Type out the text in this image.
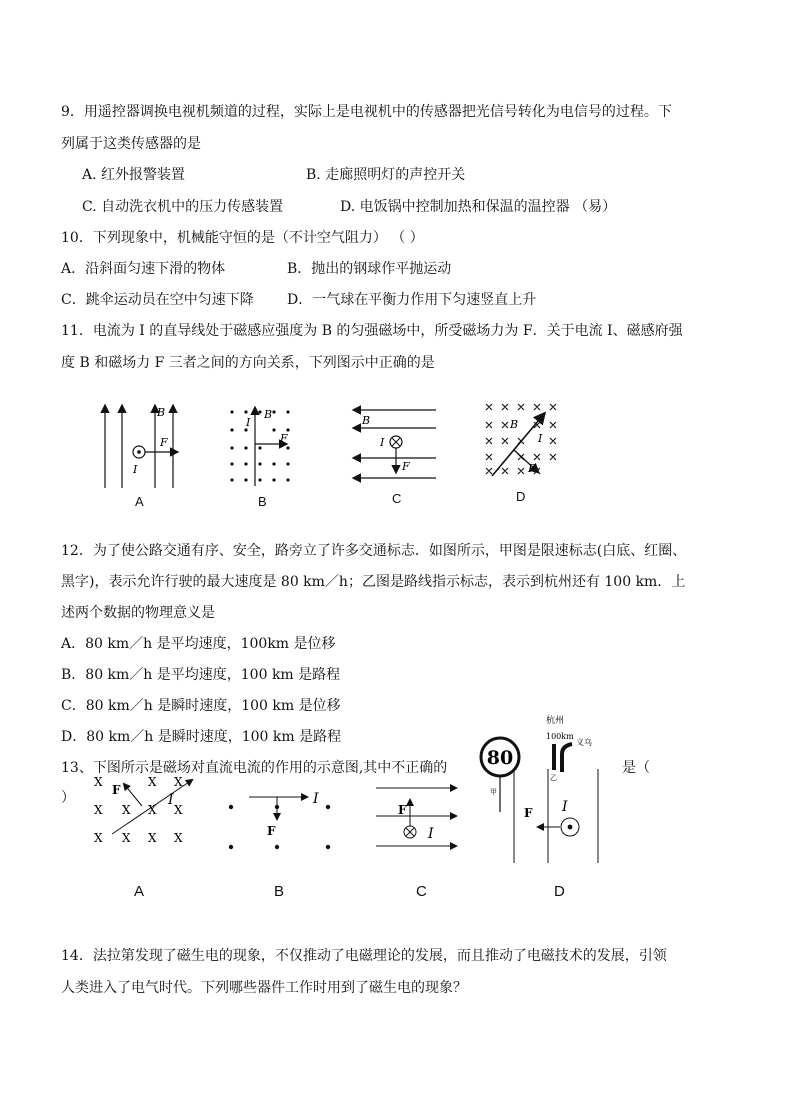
9．用遥控器调换电视机频道的过程，实际上是电视机中的传感器把光信号转化为电信号的过程。下
列属于这类传感器的是
A. 红外报警装置	B. 走廊照明灯的声控开关
C. 自动洗衣机中的压力传感装置	D. 电饭锅中控制加热和保温的温控器 （易）
10．下列现象中，机械能守恒的是（不计空气阻力） （ ）
A．沿斜面匀速下滑的物体	B．抛出的钢球作平抛运动
C．跳伞运动员在空中匀速下降 D．一气球在平衡力作用下匀速竖直上升
11．电流为 I 的直导线处于磁感应强度为 B 的匀强磁场中，所受磁场力为 F．关于电流 I、磁感府强
度 B 和磁场力 F 三者之间的方向关系，下列图示中正确的是
B
F
I
A
I
B
F
B
B
I
F
C
B
I
F
D
12．为了使公路交通有序、安全，路旁立了许多交通标志．如图所示，甲图是限速标志(白底、红圈、
黑字)，表示允许行驶的最大速度是 80 km／h；乙图是路线指示标志，表示到杭州还有 100 km．上
述两个数据的物理意义是
A．80 km／h 是平均速度，100km 是位移
B．80 km／h 是平均速度，100 km 是路程
C．80 km／h 是瞬时速度，100 km 是位移
D．80 km／h 是瞬时速度，100 km 是路程
13、下图所示是磁场对直流电流的作用的示意图,其中不正确的	是（
）
80
甲
杭州
100km
义乌
乙
X	X X
X X X X
X X X X
F
I
A
I
F
B
F
I
C
F I
D
14．法拉第发现了磁生电的现象，不仅推动了电磁理论的发展，而且推动了电磁技术的发展，引领
人类进入了电气时代。下列哪些器件工作时用到了磁生电的现象？
